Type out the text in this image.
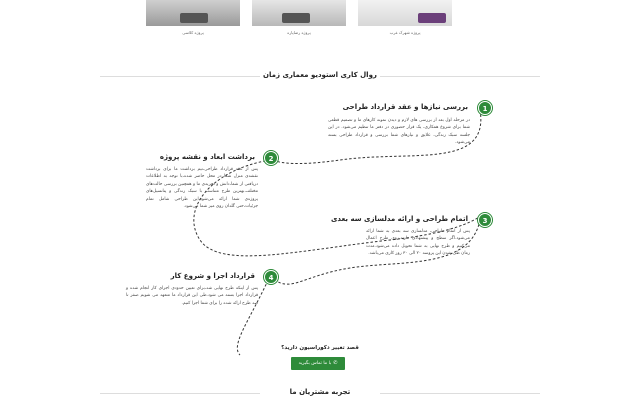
پروژه کلاسی	پروژه رضاپاره	پروژه شهرک غرب
روال کاری استودیو معماری زمان
1
بررسی نیازها و عقد قرارداد طراحی
در مرحله اول بعد از بررسی های لازم و دیدن نمونه کارهای ما و تصمیم قطعی شما برای شروع همکاری، یک قرار حضوری در دفتر ما تنظیم می‌شود. در این جلسه سبک زندگی، علایق و نیازهای شما بررسی و قرارداد طراحی بسته می‌شود.
2
برداشت ابعاد و نقشه پروژه
پس از عقد قرارداد طراحی،تیم برداشت ما برای برداشت نقشه‌ی منزل شما در محل حاضر شده،با توجه به اطلاعات دریافتی از شما،دانش و تجربه‌ی ما و همچنین بررسی حالت‌های مختلف،بهترین طرح متناسب با سبک زندگی و پتانسیل‌های پروژه‌ی شما ارائه می‌شود.این طراحی شامل تمام جزئیات،حتی گلدان روی میز شما می‌شود.
3
اتمام طراحی و ارائه مدلسازی سه بعدی
پس از اتمام طراحی، مدلسازی سه بعدی به شما ارائه می‌شود.اگر سطح و پیشنهادی دارید،روی طرح اعمال می‌کنیم و طرح نهایی به شما تحویل داده می‌شود.مدت زمان طی شدن این پروسه ۲۰ الی ۳۰ روز کاری می‌باشد.
4
قرارداد اجرا و شروع کار
پس از اینکه طرح نهایی شد،برای تعیین حدودی اجرای کار انجام شده و قرارداد اجرا بسته می شود.طی این قرارداد ما متعهد می شویم صفر تا صد طرح ارائه شده را برای شما اجرا کنیم.
قصد تغییر دکوراسیون دارید؟
✆با ما تماس بگیرید
تجربه مشتریان ما
